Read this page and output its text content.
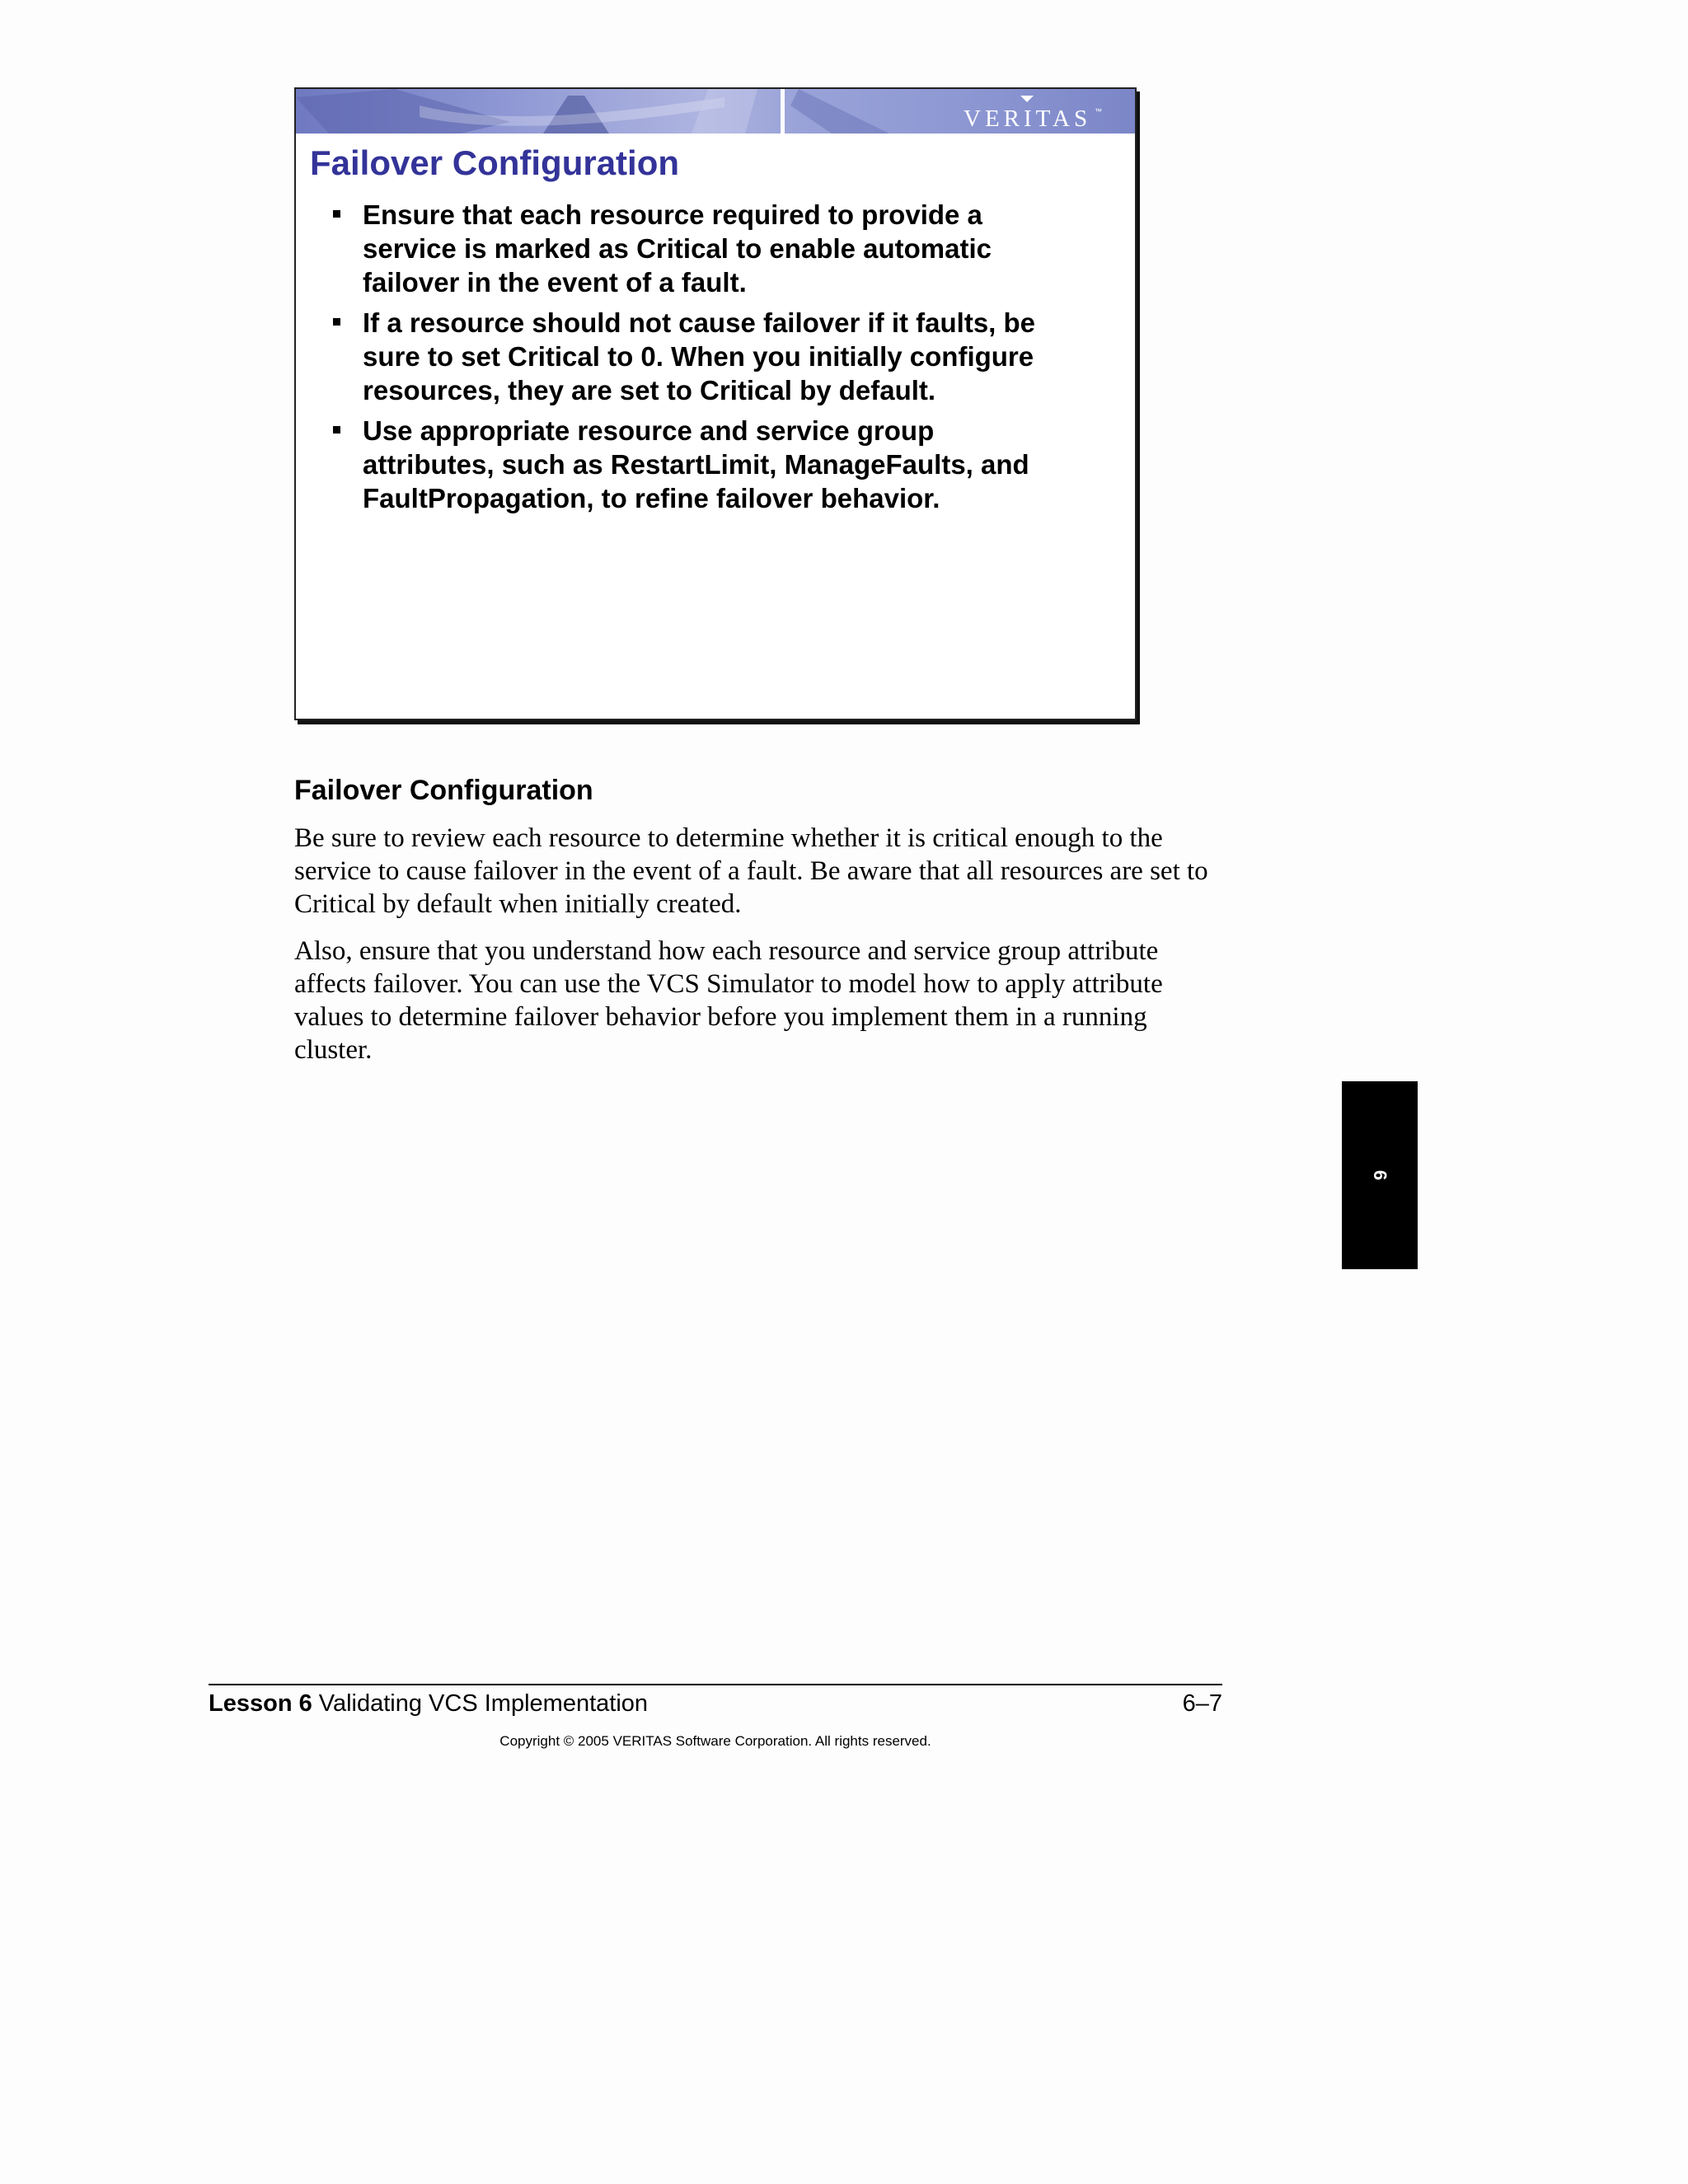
VERITAS ™
Failover Configuration
Ensure that each resource required to provide a service is marked as Critical to enable automatic failover in the event of a fault.
If a resource should not cause failover if it faults, be sure to set Critical to 0. When you initially configure resources, they are set to Critical by default.
Use appropriate resource and service group attributes, such as RestartLimit, ManageFaults, and FaultPropagation, to refine failover behavior.
Failover Configuration

Be sure to review each resource to determine whether it is critical enough to the service to cause failover in the event of a fault. Be aware that all resources are set to Critical by default when initially created.

Also, ensure that you understand how each resource and service group attribute affects failover. You can use the VCS Simulator to model how to apply attribute values to determine failover behavior before you implement them in a running cluster.

6
Lesson 6 Validating VCS Implementation	6–7
Copyright © 2005 VERITAS Software Corporation. All rights reserved.
